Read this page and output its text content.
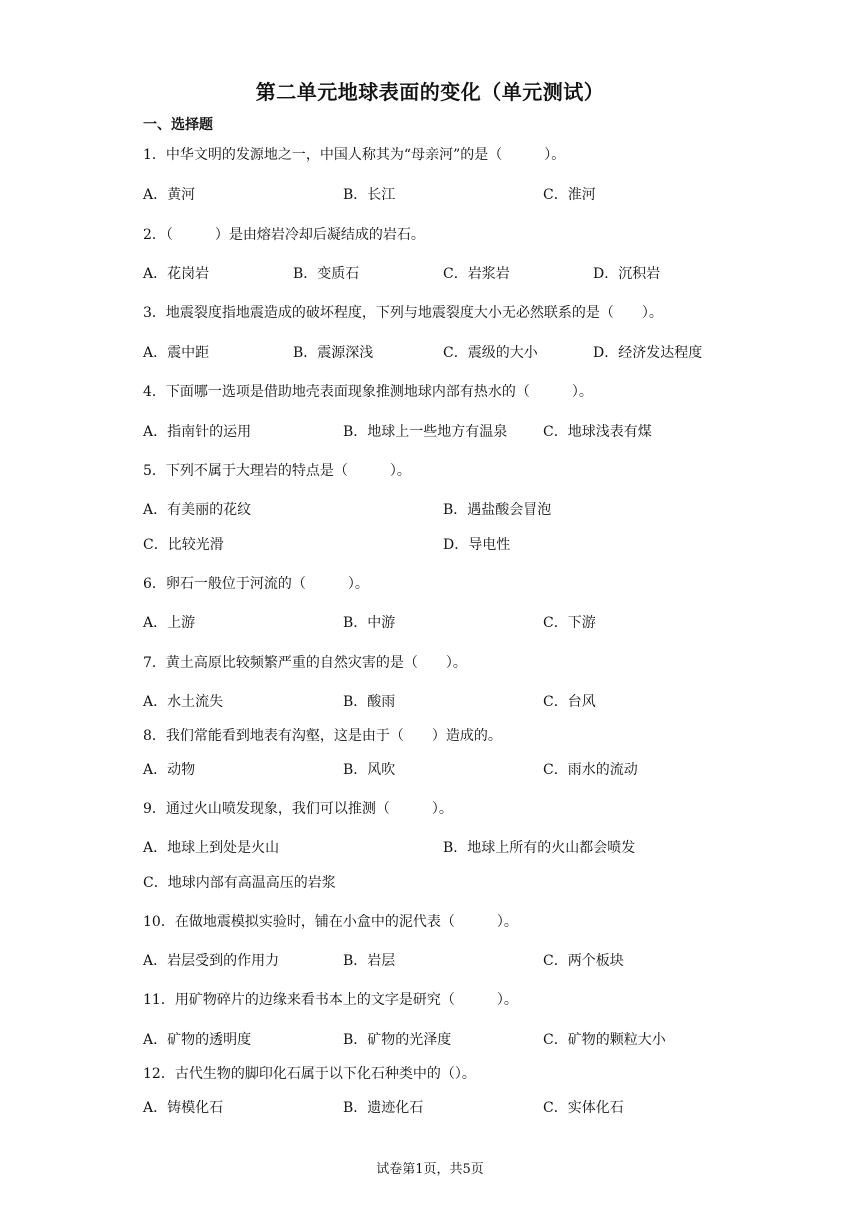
第二单元地球表面的变化（单元测试）
一、选择题
1．中华文明的发源地之一，中国人称其为“母亲河”的是（　　　）。
A．黄河	B．长江	C．淮河
2．（　　　）是由熔岩冷却后凝结成的岩石。
A．花岗岩	B．变质石	C．岩浆岩	D．沉积岩
3．地震裂度指地震造成的破坏程度，下列与地震裂度大小无必然联系的是（　　）。
A．震中距	B．震源深浅	C．震级的大小	D．经济发达程度
4．下面哪一选项是借助地壳表面现象推测地球内部有热水的（　　　）。
A．指南针的运用	B．地球上一些地方有温泉	C．地球浅表有煤
5．下列不属于大理岩的特点是（　　　）。
A．有美丽的花纹	B．遇盐酸会冒泡
C．比较光滑	D．导电性
6．卵石一般位于河流的（　　　）。
A．上游	B．中游	C．下游
7．黄土高原比较频繁严重的自然灾害的是（　　）。
A．水土流失	B．酸雨	C．台风
8．我们常能看到地表有沟壑，这是由于（　　）造成的。
A．动物	B．风吹	C．雨水的流动
9．通过火山喷发现象，我们可以推测（　　　）。
A．地球上到处是火山	B．地球上所有的火山都会喷发
C．地球内部有高温高压的岩浆
10．在做地震模拟实验时，铺在小盒中的泥代表（　　　）。
A．岩层受到的作用力	B．岩层	C．两个板块
11．用矿物碎片的边缘来看书本上的文字是研究（　　　）。
A．矿物的透明度	B．矿物的光泽度	C．矿物的颗粒大小
12．古代生物的脚印化石属于以下化石种类中的（）。
A．铸模化石	B．遗迹化石	C．实体化石
试卷第1页，共5页
